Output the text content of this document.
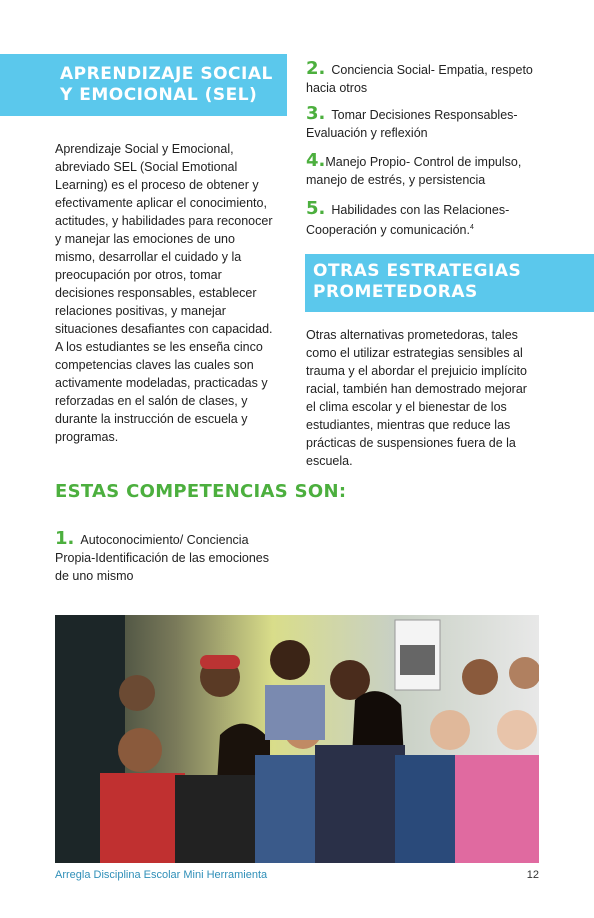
APRENDIZAJE SOCIAL Y EMOCIONAL (SEL)
Aprendizaje Social y Emocional, abreviado SEL (Social Emotional Learning) es el proceso de obtener y efectivamente aplicar el conocimiento, actitudes, y habilidades para reconocer y manejar las emociones de uno mismo, desarrollar el cuidado y la preocupación por otros, tomar decisiones responsables, establecer relaciones positivas, y manejar situaciones desafiantes con capacidad. A los estudiantes se les enseña cinco competencias claves las cuales son activamente modeladas, practicadas y reforzadas en el salón de clases, y durante la instrucción de escuela y programas.
ESTAS COMPETENCIAS SON:
1. Autoconocimiento/ Conciencia Propia-Identificación de las emociones de uno mismo
2. Conciencia Social- Empatia, respeto hacia otros
3. Tomar Decisiones Responsables- Evaluación y reflexión
4.Manejo Propio- Control de impulso, manejo de estrés, y persistencia
5. Habilidades con las Relaciones- Cooperación y comunicación.$^4$
OTRAS ESTRATEGIAS PROMETEDORAS
Otras alternativas prometedoras, tales como el utilizar estrategias sensibles al trauma y el abordar el prejuicio implícito racial, también han demostrado mejorar el clima escolar y el bienestar de los estudiantes, mientras que reduce las prácticas de suspensiones fuera de la escuela.
Arregla Disciplina Escolar Mini Herramienta	12
